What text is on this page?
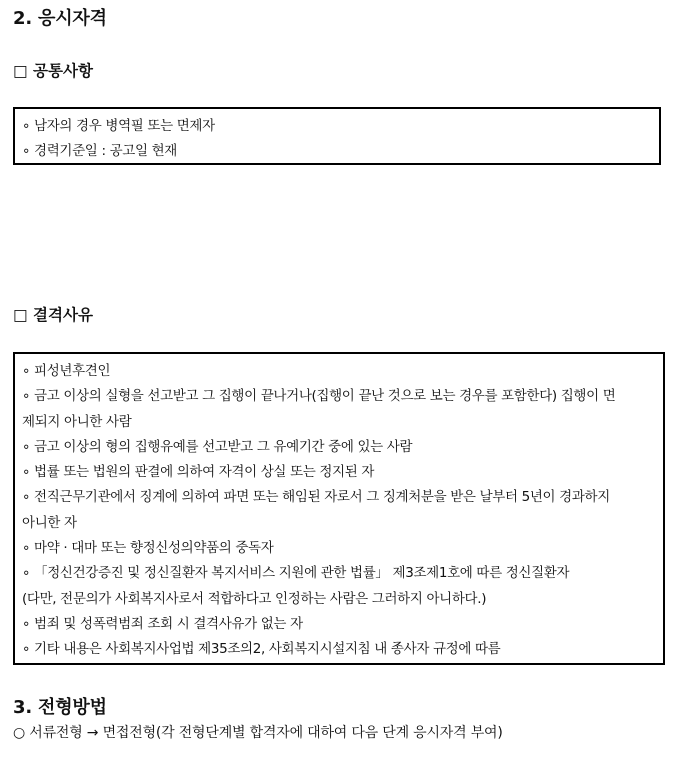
2. 응시자격
□ 공통사항
∘ 남자의 경우 병역필 또는 면제자
∘ 경력기준일 : 공고일 현재
□ 결격사유
∘ 피성년후견인
∘ 금고 이상의 실형을 선고받고 그 집행이 끝나거나(집행이 끝난 것으로 보는 경우를 포함한다) 집행이 면
제되지 아니한 사람
∘ 금고 이상의 형의 집행유예를 선고받고 그 유예기간 중에 있는 사람
∘ 법률 또는 법원의 판결에 의하여 자격이 상실 또는 정지된 자
∘ 전직근무기관에서 징계에 의하여 파면 또는 해임된 자로서 그 징계처분을 받은 날부터 5년이 경과하지
아니한 자
∘ 마약 · 대마 또는 향정신성의약품의 중독자
∘ 「정신건강증진 및 정신질환자 복지서비스 지원에 관한 법률」 제3조제1호에 따른 정신질환자
(다만, 전문의가 사회복지사로서 적합하다고 인정하는 사람은 그러하지 아니하다.)
∘ 범죄 및 성폭력범죄 조회 시 결격사유가 없는 자
∘ 기타 내용은 사회복지사업법 제35조의2, 사회복지시설지침 내 종사자 규정에 따름
3. 전형방법
○ 서류전형 → 면접전형(각 전형단계별 합격자에 대하여 다음 단계 응시자격 부여)
